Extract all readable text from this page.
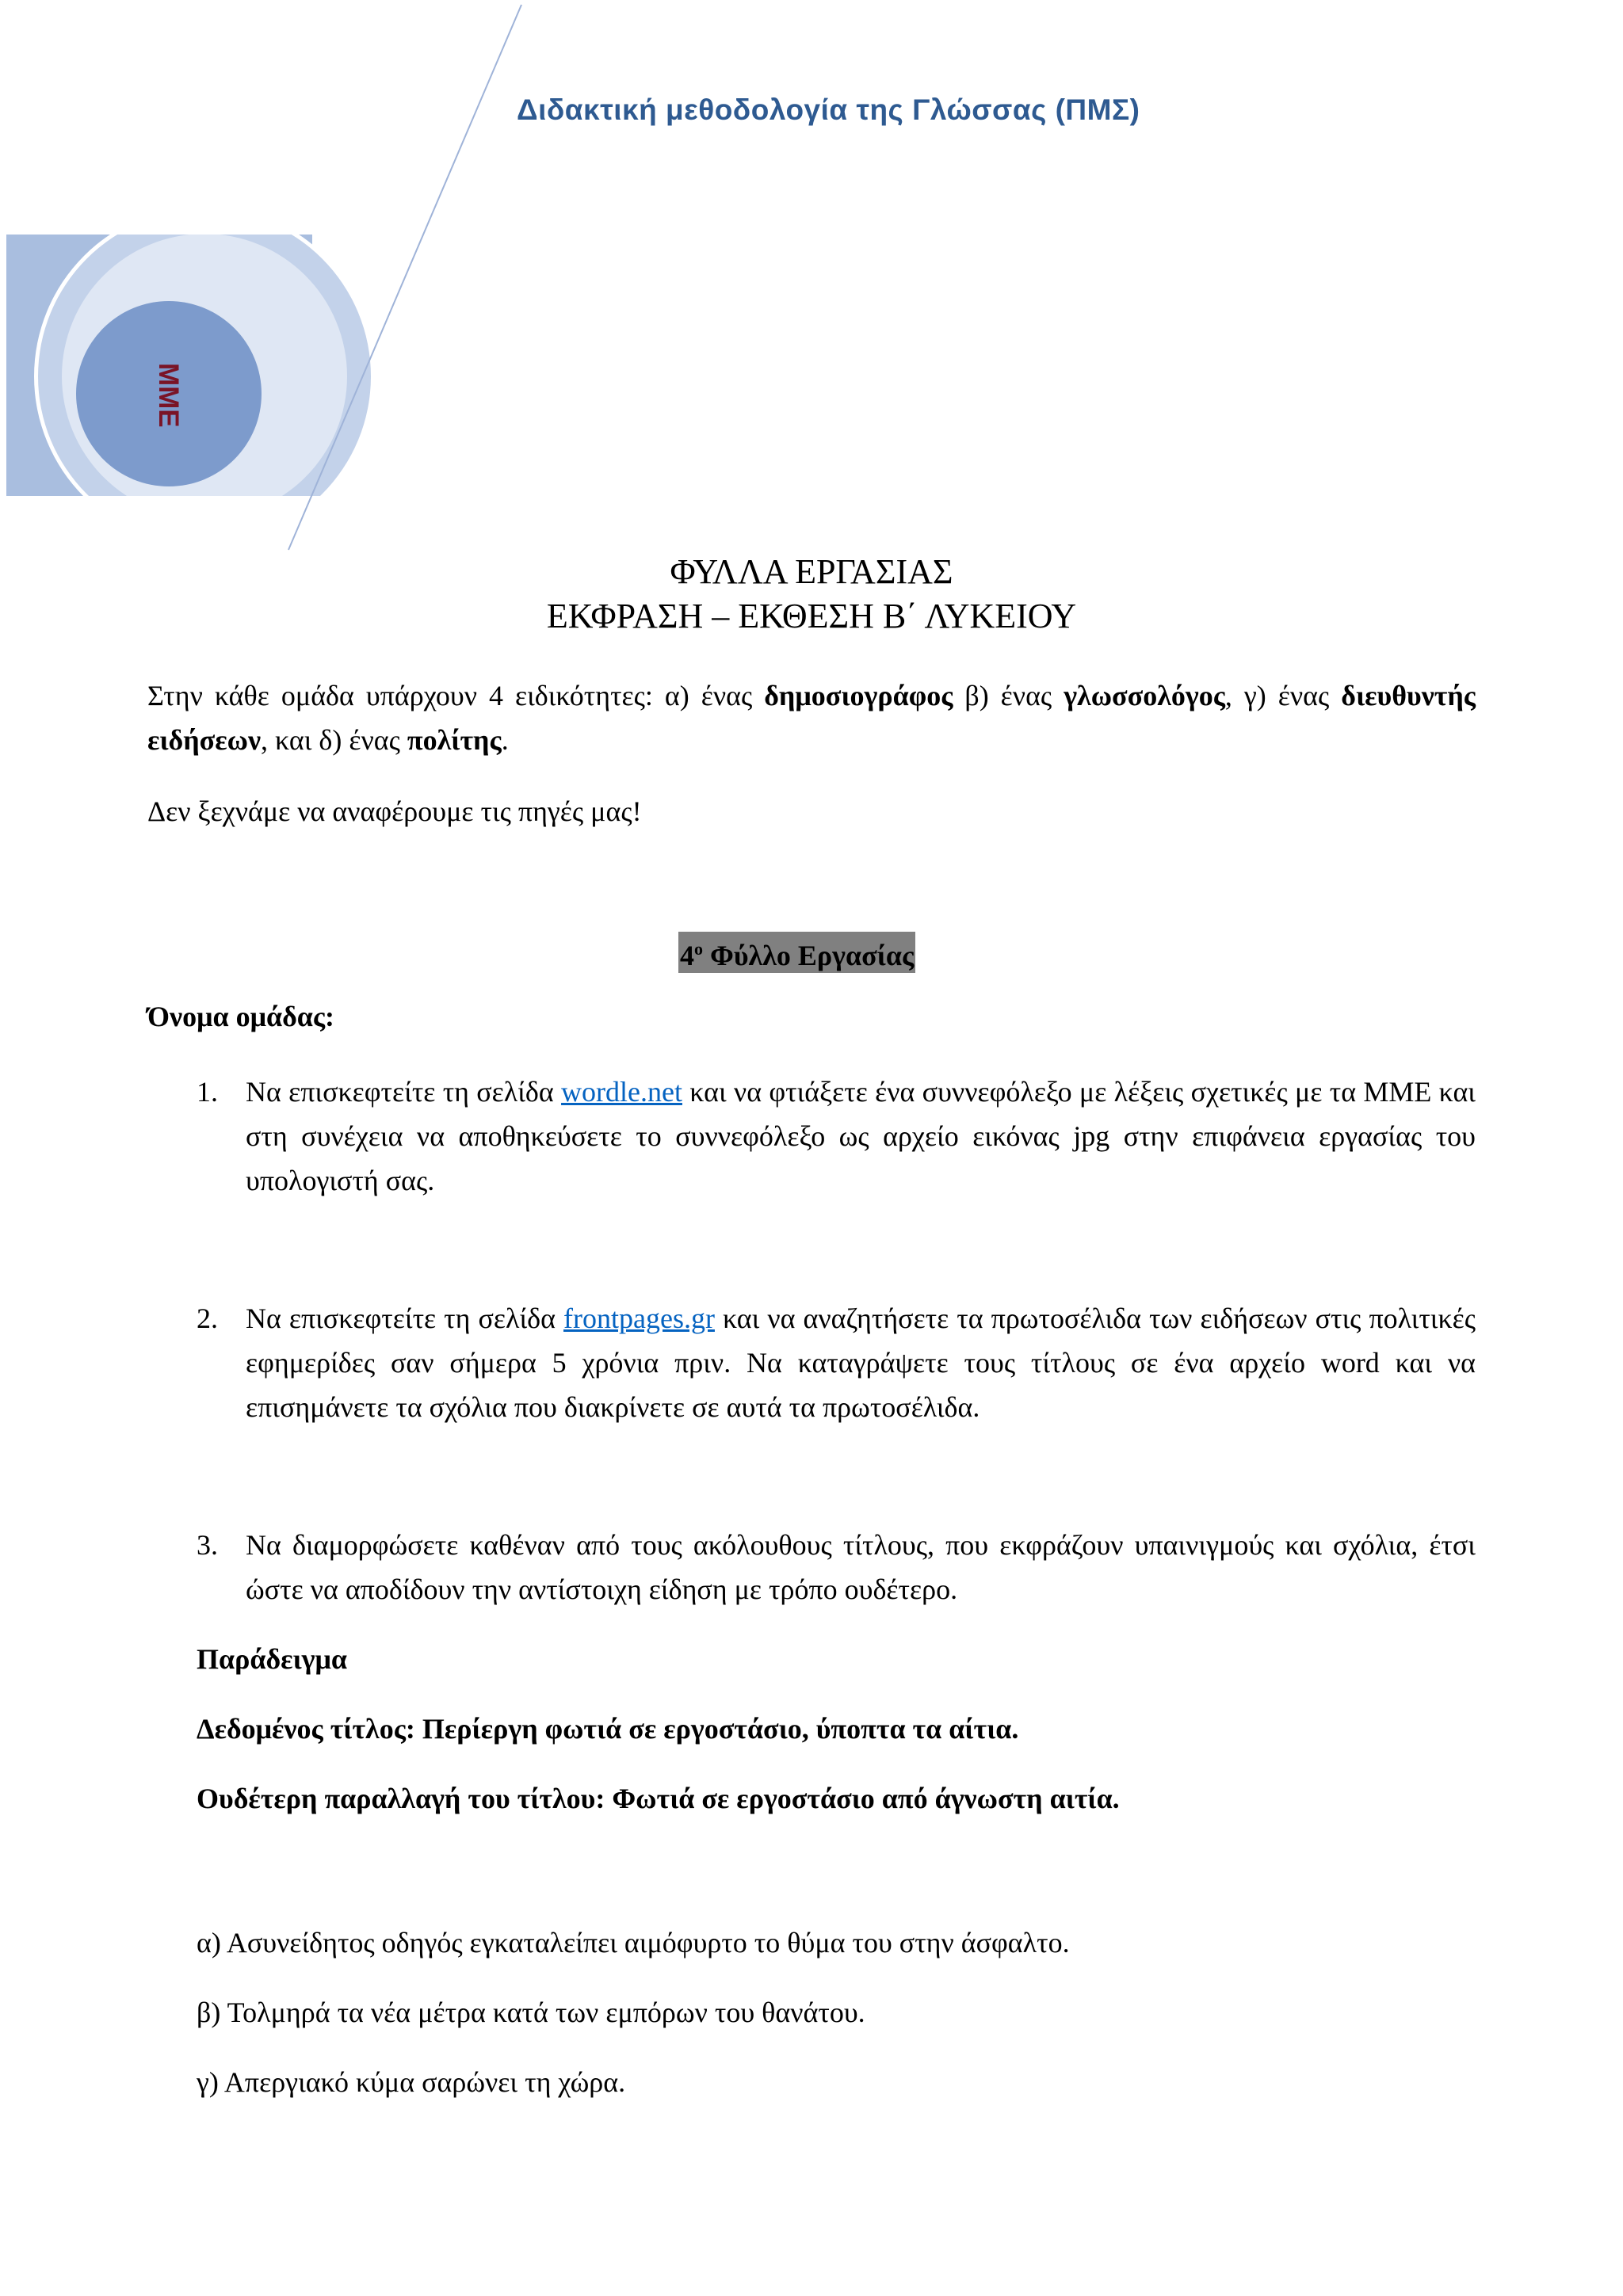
Διδακτική μεθοδολογία της Γλώσσας (ΠΜΣ)
ΜΜΕ
ΦΥΛΛΑ ΕΡΓΑΣΙΑΣ
ΕΚΦΡΑΣΗ – ΕΚΘΕΣΗ Β΄ ΛΥΚΕΙΟΥ
Στην κάθε ομάδα υπάρχουν 4 ειδικότητες: α) ένας δημοσιογράφος β) ένας γλωσσολόγος, γ) ένας διευθυντής ειδήσεων, και δ) ένας πολίτης.
Δεν ξεχνάμε να αναφέρουμε τις πηγές μας!
$4^o$ Φύλλο Εργασίας
Όνομα ομάδας:
1. Να επισκεφτείτε τη σελίδα wordle.net και να φτιάξετε ένα συννεφόλεξο με λέξεις σχετικές με τα ΜΜΕ και στη συνέχεια να αποθηκεύσετε το συννεφόλεξο ως αρχείο εικόνας jpg στην επιφάνεια εργασίας του υπολογιστή σας.
2. Να επισκεφτείτε τη σελίδα frontpages.gr και να αναζητήσετε τα πρωτοσέλιδα των ειδήσεων στις πολιτικές εφημερίδες σαν σήμερα 5 χρόνια πριν. Να καταγράψετε τους τίτλους σε ένα αρχείο word και να επισημάνετε τα σχόλια που διακρίνετε σε αυτά τα πρωτοσέλιδα.
3. Να διαμορφώσετε καθέναν από τους ακόλουθους τίτλους, που εκφράζουν υπαινιγμούς και σχόλια, έτσι ώστε να αποδίδουν την αντίστοιχη είδηση με τρόπο ουδέτερο.
Παράδειγμα
Δεδομένος τίτλος: Περίεργη φωτιά σε εργοστάσιο, ύποπτα τα αίτια.
Ουδέτερη παραλλαγή του τίτλου: Φωτιά σε εργοστάσιο από άγνωστη αιτία.
α) Ασυνείδητος οδηγός εγκαταλείπει αιμόφυρτο το θύμα του στην άσφαλτο.
β) Τολμηρά τα νέα μέτρα κατά των εμπόρων του θανάτου.
γ) Απεργιακό κύμα σαρώνει τη χώρα.
